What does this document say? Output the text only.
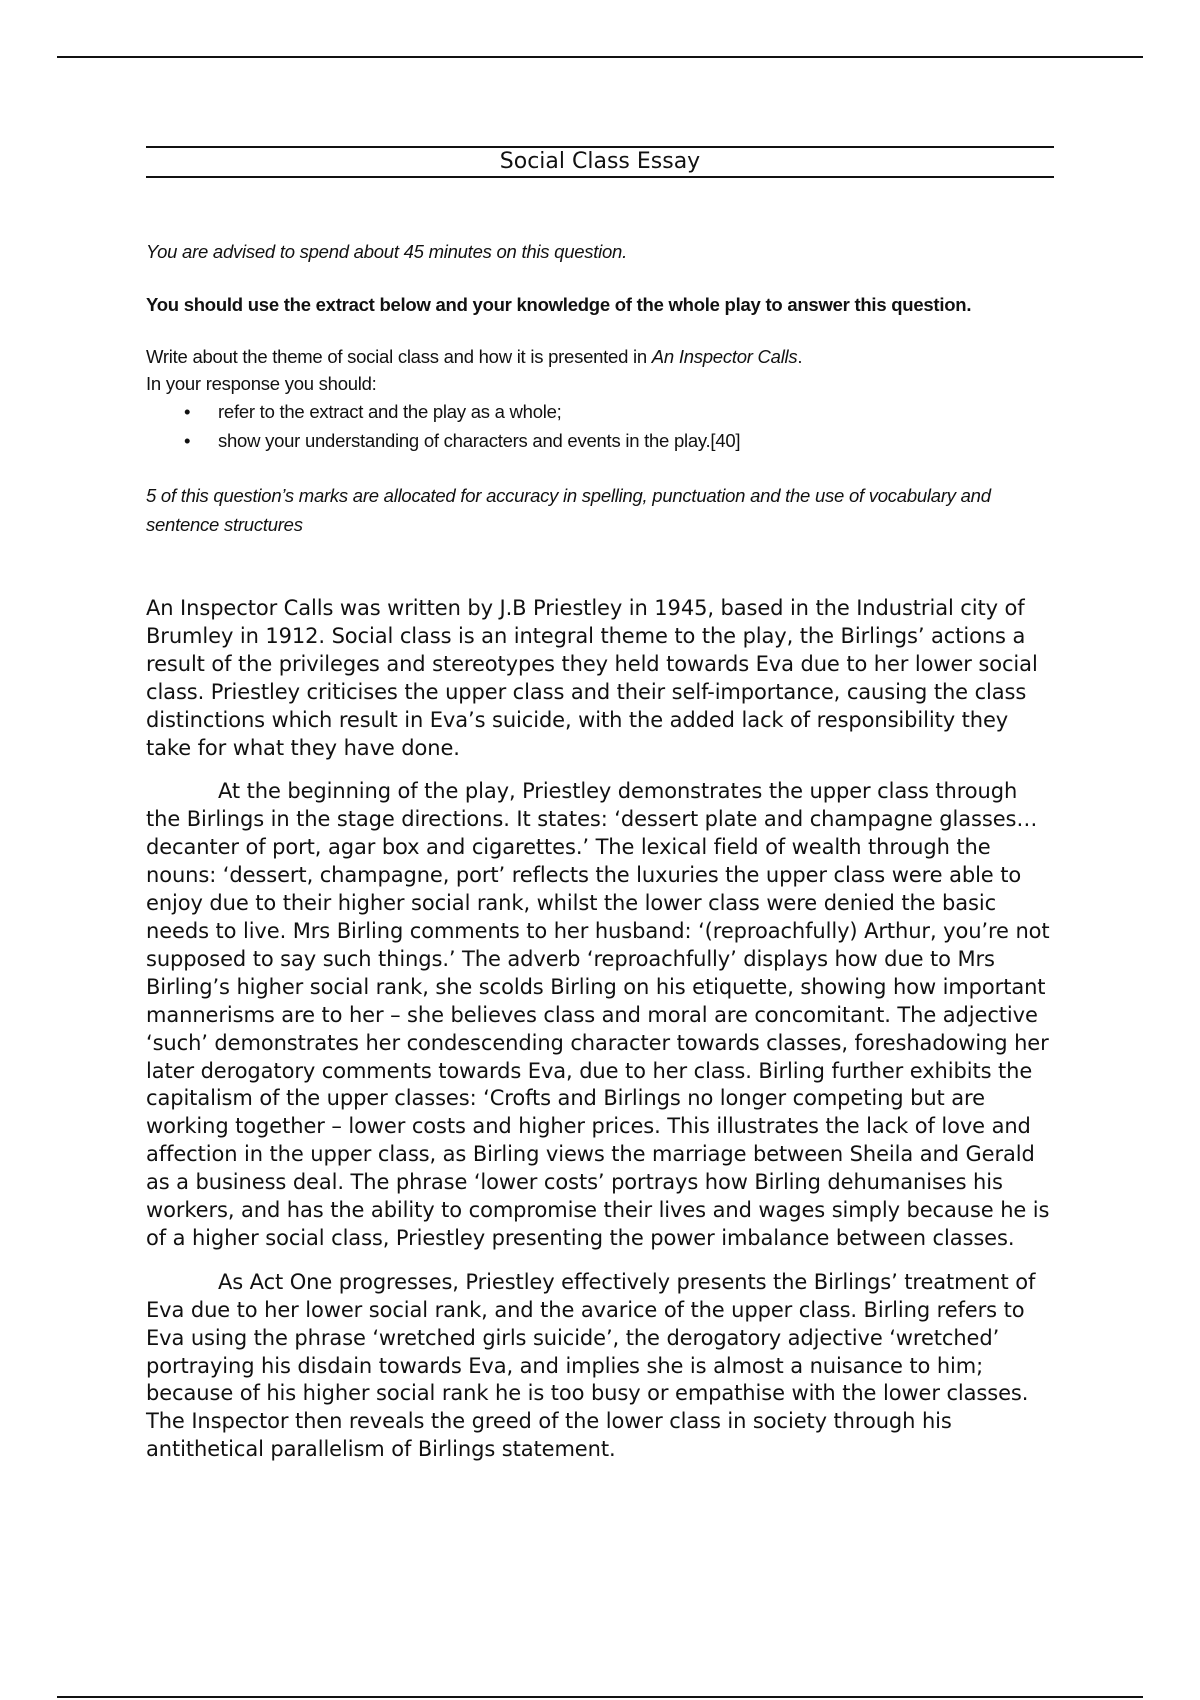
Social Class Essay

You are advised to spend about 45 minutes on this question.

You should use the extract below and your knowledge of the whole play to answer this question.

Write about the theme of social class and how it is presented in An Inspector Calls.
In your response you should:

• refer to the extract and the play as a whole;
• show your understanding of characters and events in the play.[40]

5 of this question’s marks are allocated for accuracy in spelling, punctuation and the use of vocabulary and sentence structures

An Inspector Calls was written by J.B Priestley in 1945, based in the Industrial city of Brumley in 1912. Social class is an integral theme to the play, the Birlings’ actions a result of the privileges and stereotypes they held towards Eva due to her lower social class. Priestley criticises the upper class and their self-importance, causing the class distinctions which result in Eva’s suicide, with the added lack of responsibility they take for what they have done.

At the beginning of the play, Priestley demonstrates the upper class through the Birlings in the stage directions. It states: ‘dessert plate and champagne glasses…decanter of port, agar box and cigarettes.’ The lexical field of wealth through the nouns: ‘dessert, champagne, port’ reflects the luxuries the upper class were able to enjoy due to their higher social rank, whilst the lower class were denied the basic needs to live. Mrs Birling comments to her husband: ‘(reproachfully) Arthur, you’re not supposed to say such things.’ The adverb ‘reproachfully’ displays how due to Mrs Birling’s higher social rank, she scolds Birling on his etiquette, showing how important mannerisms are to her – she believes class and moral are concomitant. The adjective ‘such’ demonstrates her condescending character towards classes, foreshadowing her later derogatory comments towards Eva, due to her class. Birling further exhibits the capitalism of the upper classes: ‘Crofts and Birlings no longer competing but are working together – lower costs and higher prices. This illustrates the lack of love and affection in the upper class, as Birling views the marriage between Sheila and Gerald as a business deal. The phrase ‘lower costs’ portrays how Birling dehumanises his workers, and has the ability to compromise their lives and wages simply because he is of a higher social class, Priestley presenting the power imbalance between classes.

As Act One progresses, Priestley effectively presents the Birlings’ treatment of Eva due to her lower social rank, and the avarice of the upper class. Birling refers to Eva using the phrase ‘wretched girls suicide’, the derogatory adjective ‘wretched’ portraying his disdain towards Eva, and implies she is almost a nuisance to him; because of his higher social rank he is too busy or empathise with the lower classes. The Inspector then reveals the greed of the lower class in society through his antithetical parallelism of Birlings statement.
